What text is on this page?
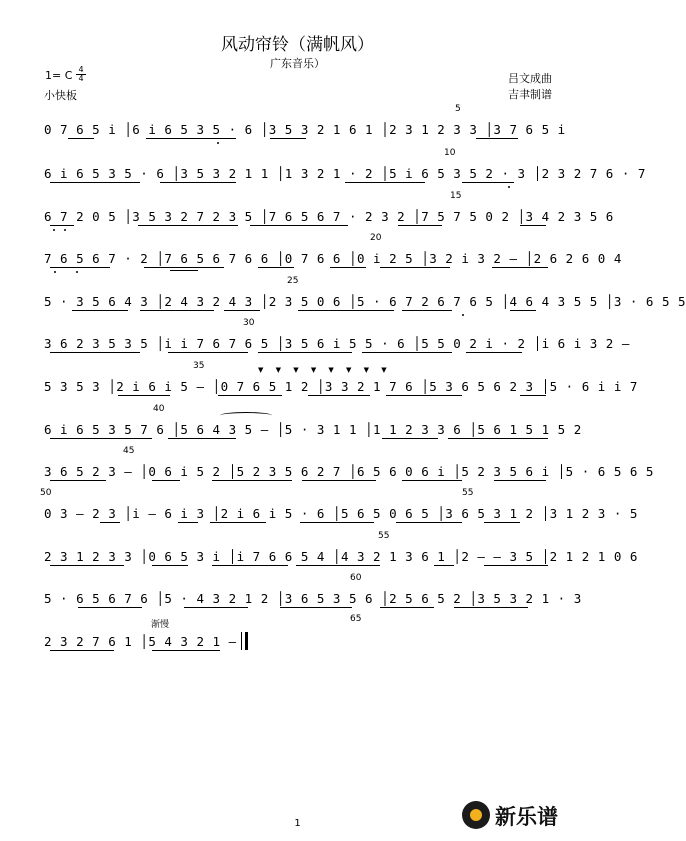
风动帘铃（满帆风）
广东音乐）
1= C 4
4
小快板
吕文成曲
吉聿制谱
5
0 7 6 5 i │6 i 6 5 3 5 · 6 │3 5 3 2 1 6 1 │2 3 1 2 3 3 │3 7 6 5 i
10
6 i 6 5 3 5 · 6 │3 5 3 2 1 1 │1 3 2 1 · 2 │5 i 6 5 3 5 2 · 3 │2 3 2 7 6 · 7
15
6 7 2 0 5 │3 5 3 2 7 2 3 5 │7 6 5 6 7 · 2 3 2 │7 5 7 5 0 2 │3 4 2 3 5 6
20
7 6 5 6 7 · 2 │7 6 5 6 7 6 6 │0 7 6 6 │0 i 2 5 │3 2 i 3 2 — │2 6 2 6 0 4
25
5 · 3 5 6 4 3 │2 4 3 2 4 3 │2 3 5 0 6 │5 · 6 7 2 6 7 6 5 │4 6 4 3 5 5 │3 · 6 5 5
30
3 6 2 3 5 3 5 │i i 7 6 7 6 5 │3 5 6 i 5 5 · 6 │5 5 0 2 i · 2 │i 6 i 3 2 —
▼ ▼ ▼ ▼ ▼ ▼ ▼ ▼
35
5 3 5 3 │2 i 6 i 5 — │0 7 6 5 1 2 │3 3 2 1 7 6 │5 3 6 5 6 2 3 │5 · 6 i i 7
40
6 i 6 5 3 5 7 6 │5 6 4 3 5 — │5 · 3 1 1 │1 1 2 3 3 6 │5 6 1 5 1 5 2
45
3 6 5 2 3 — │0 6 i 5 2 │5 2 3 5 6 2 7 │6 5 6 0 6 i │5 2 3 5 6 i │5 · 6 5 6 5
50	55
0 3 — 2 3 │i — 6 i 3 │2 i 6 i 5 · 6 │5 6 5 0 6 5 │3 6 5 3 1 2 │3 1 2 3 · 5
55
2 3 1 2 3 3 │0 6 5 3 i │i 7 6 6 5 4 │4 3 2 1 3 6 1 │2 — — 3 5 │2 1 2 1 0 6
60
5 · 6 5 6 7 6 │5 · 4 3 2 1 2 │3 6 5 3 5 6 │2 5 6 5 2 │3 5 3 2 1 · 3
渐慢
65
2 3 2 7 6 1 │5 4 3 2 1 —
1	新乐谱
